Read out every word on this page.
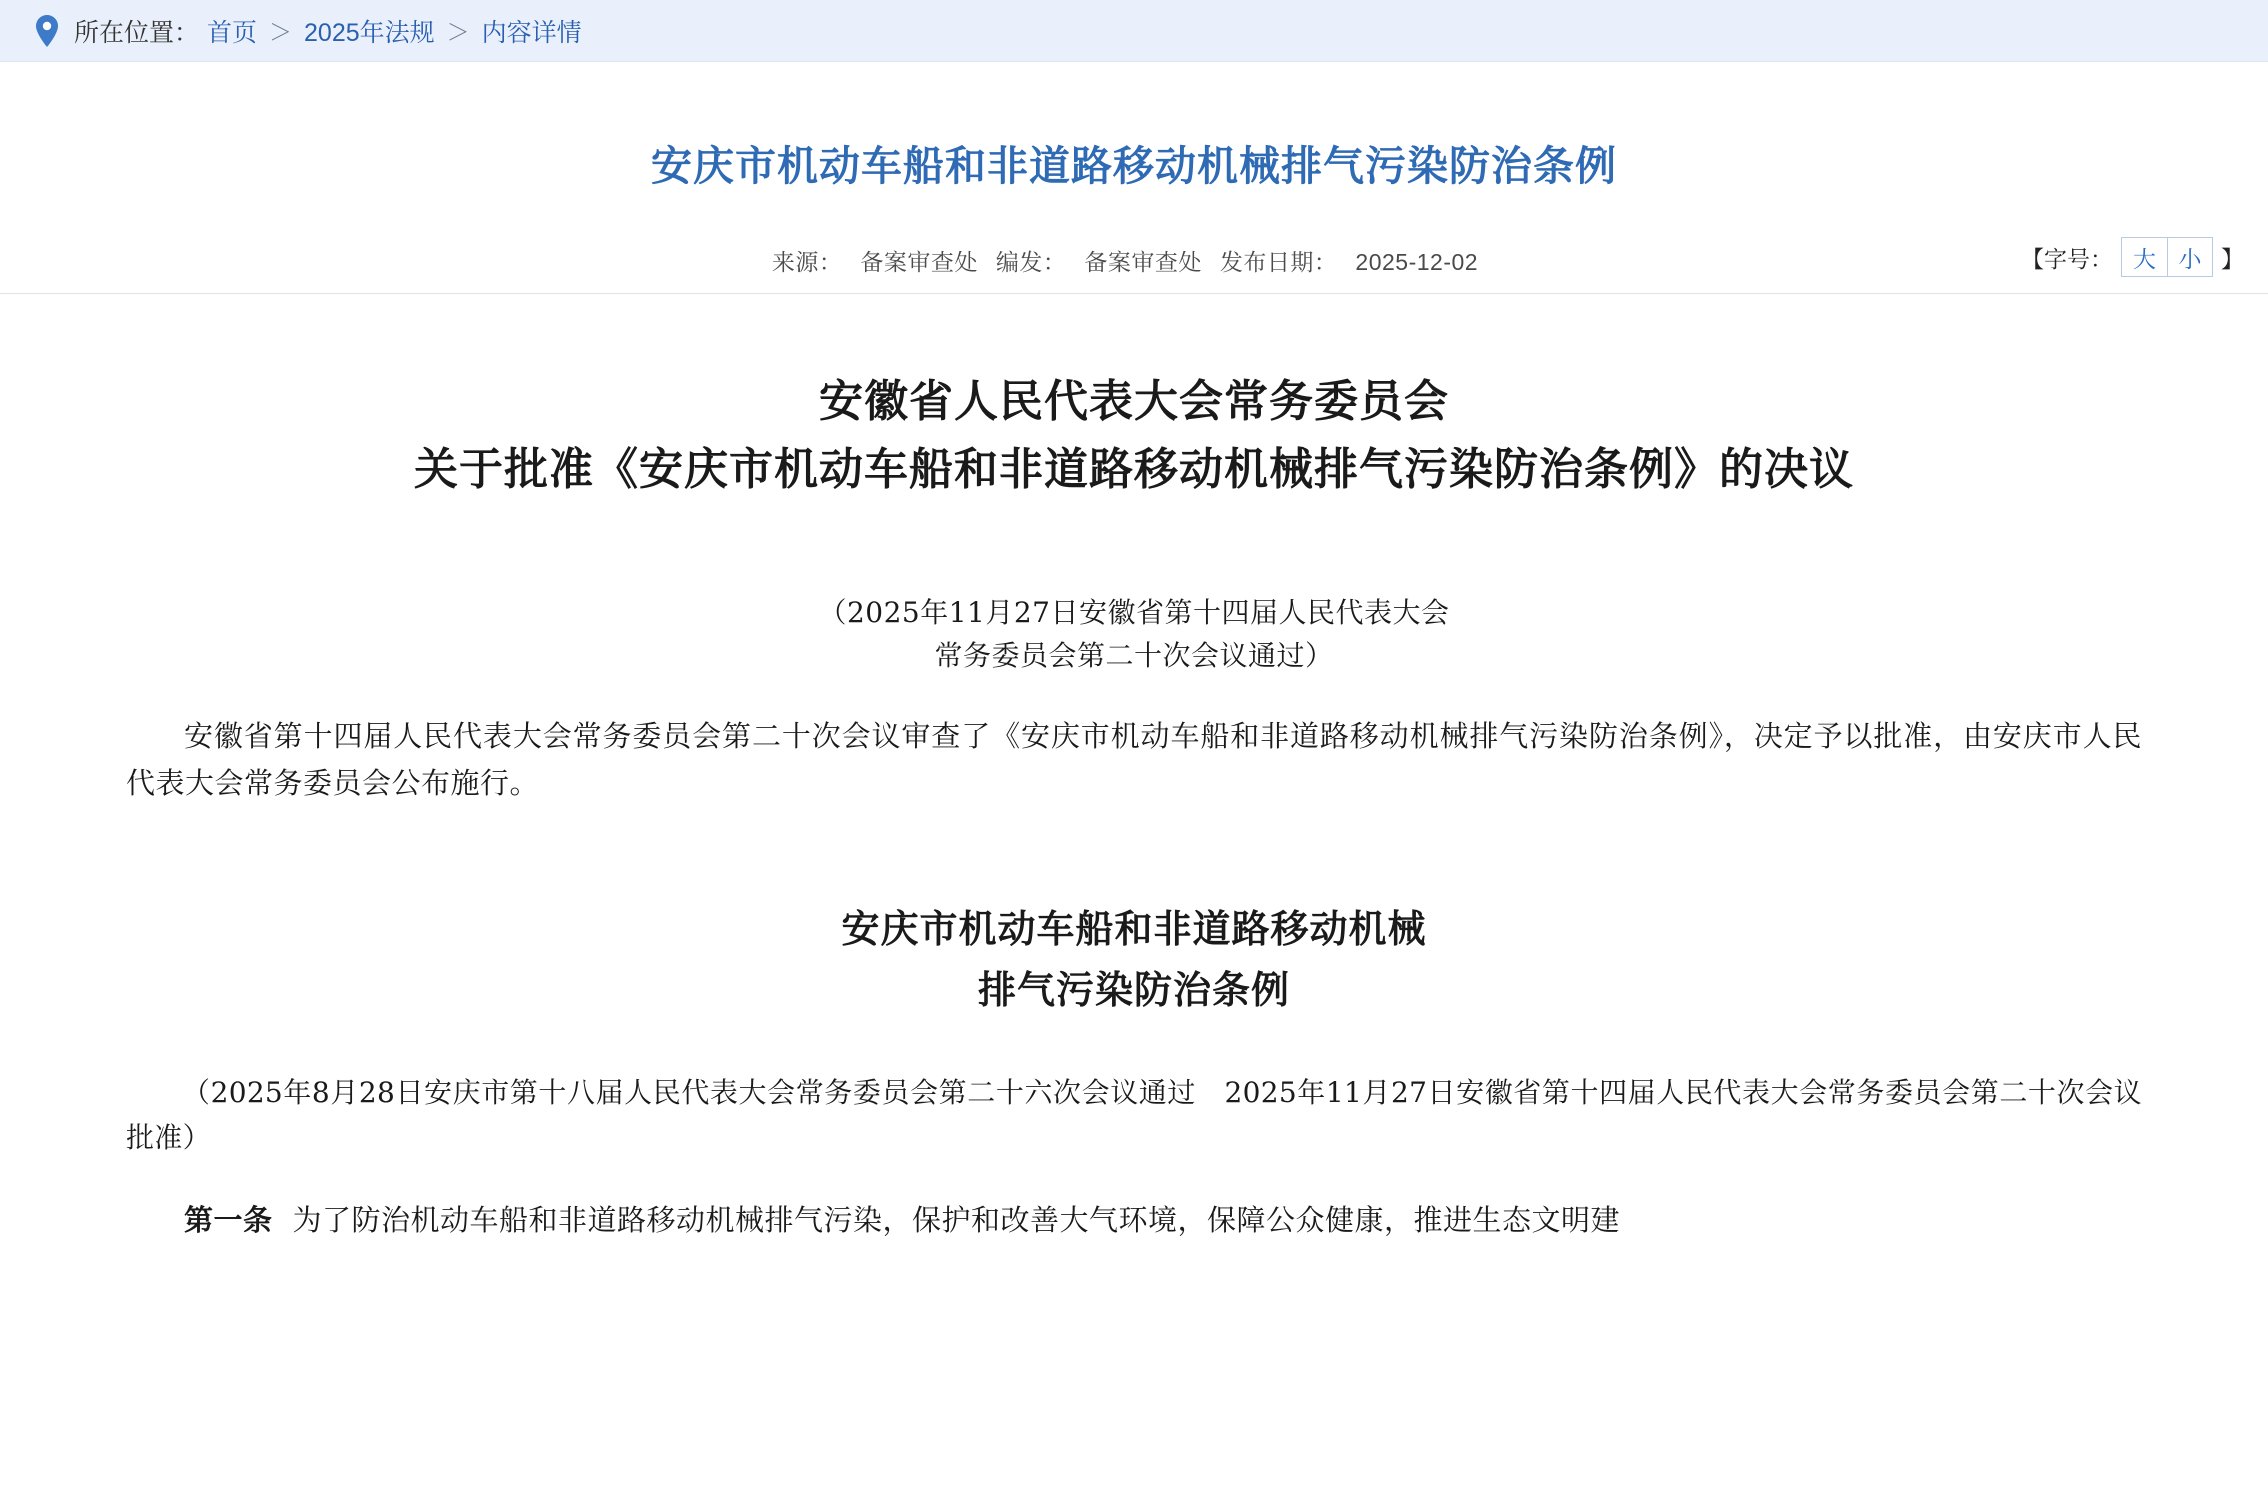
所在位置： 首页 ＞ 2025年法规 ＞ 内容详情
安庆市机动车船和非道路移动机械排气污染防治条例
来源： 备案审查处 编发： 备案审查处 发布日期： 2025-12-02	【字号： 大 小 】
安徽省人民代表大会常务委员会
关于批准《安庆市机动车船和非道路移动机械排气污染防治条例》的决议
（2025年11月27日安徽省第十四届人民代表大会
常务委员会第二十次会议通过）

安徽省第十四届人民代表大会常务委员会第二十次会议审查了《安庆市机动车船和非道路移动机械排气污染防治条例》，决定予以批准，由安庆市人民代表大会常务委员会公布施行。

安庆市机动车船和非道路移动机械
排气污染防治条例

（2025年8月28日安庆市第十八届人民代表大会常务委员会第二十六次会议通过　2025年11月27日安徽省第十四届人民代表大会常务委员会第二十次会议批准）

第一条 为了防治机动车船和非道路移动机械排气污染，保护和改善大气环境，保障公众健康，推进生态文明建
